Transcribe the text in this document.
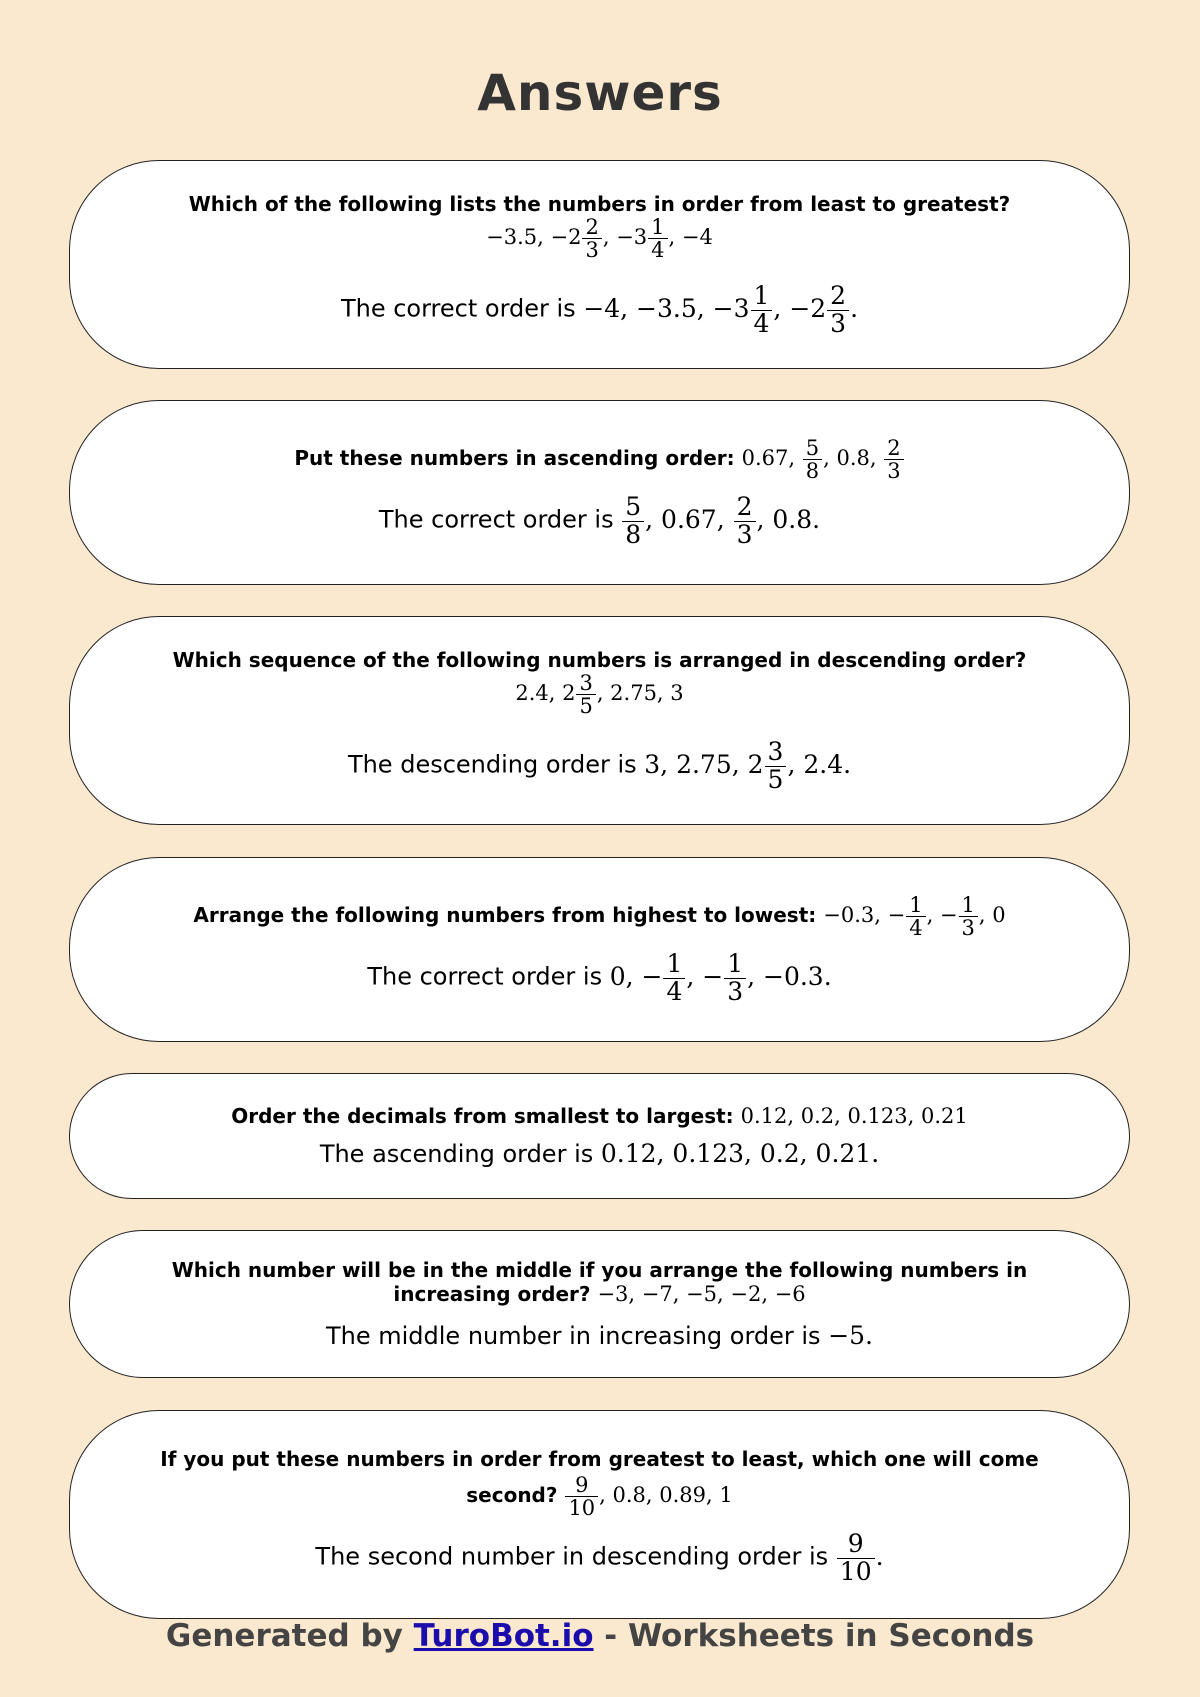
Answers
Which of the following lists the numbers in order from least to greatest?
−3.5, $-2 \frac{2}{3}$ , $-3 \frac{1}{4}$ , −4
The correct order is −4, −3.5, $-3 \frac{1}{4}$ , $-2 \frac{2}{3}$ .
Put these numbers in ascending order: 0.67, $\frac{5}{8}$ , 0.8, $\frac{2}{3}$
The correct order is $\frac{5}{8}$ , 0.67, $\frac{2}{3}$ , 0.8.
Which sequence of the following numbers is arranged in descending order?
2.4, $2 \frac{3}{5}$ , 2.75, 3
The descending order is 3, 2.75, $2 \frac{3}{5}$ , 2.4.
Arrange the following numbers from highest to lowest: −0.3, − $\frac{1}{4}$ , − $\frac{1}{3}$ , 0
The correct order is 0, − $\frac{1}{4}$ , − $\frac{1}{3}$ , −0.3.
Order the decimals from smallest to largest: 0.12, 0.2, 0.123, 0.21
The ascending order is 0.12, 0.123, 0.2, 0.21.
Which number will be in the middle if you arrange the following numbers in increasing order? −3, −7, −5, −2, −6
The middle number in increasing order is −5.
If you put these numbers in order from greatest to least, which one will come second? $\frac{9}{10}$ , 0.8, 0.89, 1
The second number in descending order is $\frac{9}{10}$ .
Generated by TuroBot.io - Worksheets in Seconds
